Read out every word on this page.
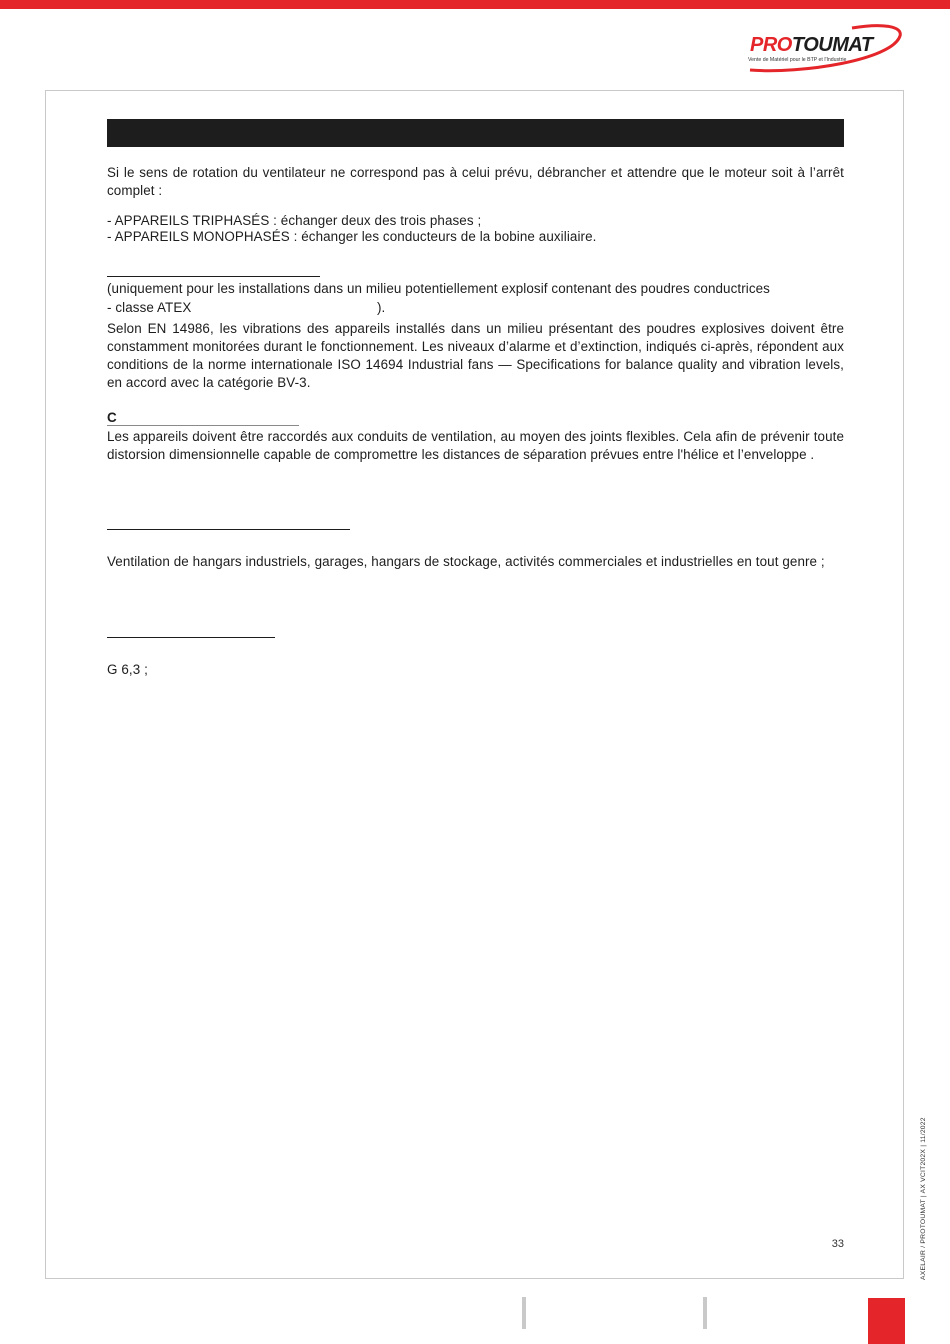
PROTOUMAT
Vente de Matériel pour le BTP et l'Industrie

Si le sens de rotation du ventilateur ne correspond pas à celui prévu, débrancher et attendre que le moteur soit à l’arrêt complet :

- APPAREILS TRIPHASÉS : échanger deux des trois phases ;

- APPAREILS MONOPHASÉS : échanger les conducteurs de la bobine auxiliaire.

(uniquement pour les installations dans un milieu potentiellement explosif contenant des poudres conductrices

- classe ATEX	).

Selon EN 14986, les vibrations des appareils installés dans un milieu présentant des poudres explosives doivent être constamment monitorées durant le fonctionnement. Les niveaux d’alarme et d’extinction, indiqués ci-après, répondent aux conditions de la norme internationale ISO 14694 Industrial fans — Specifications for balance quality and vibration levels, en accord avec la catégorie BV-3.

C

Les appareils doivent être raccordés aux conduits de ventilation, au moyen des joints flexibles. Cela afin de prévenir toute distorsion dimensionnelle capable de compromettre les distances de séparation prévues entre l'hélice et l’enveloppe .

Ventilation de hangars industriels, garages, hangars de stockage, activités commerciales et industrielles en tout genre ;

G 6,3 ;

33	AXELAIR / PROTOUMAT | AX VCIT202X | 11/2022
